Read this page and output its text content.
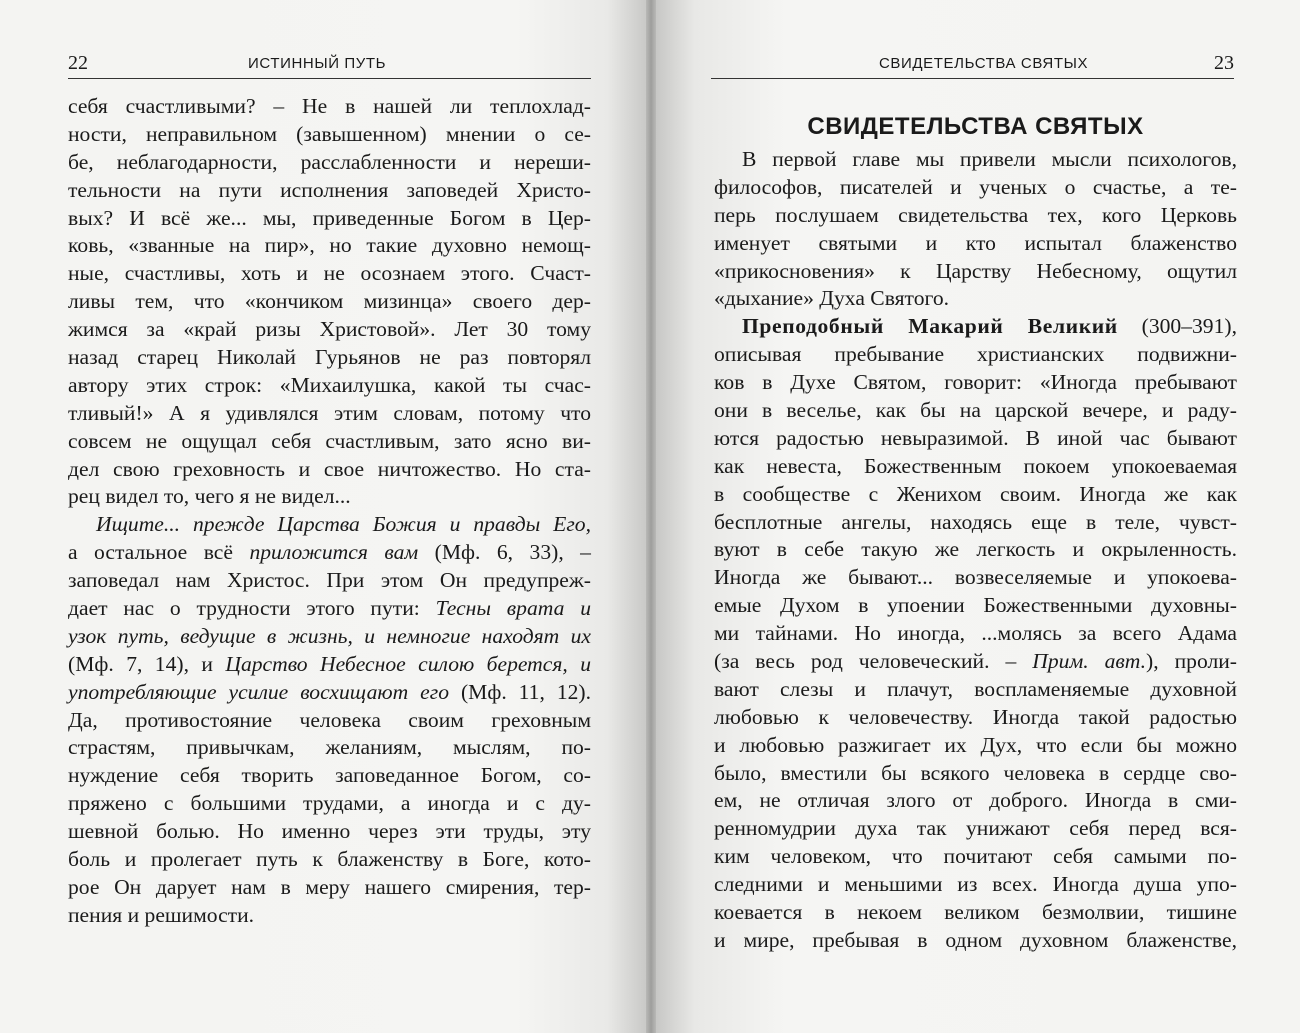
22	ИСТИННЫЙ ПУТЬ
себя счастливыми? – Не в нашей ли теплохлад-
ности, неправильном (завышенном) мнении о се-
бе, неблагодарности, расслабленности и нереши-
тельности на пути исполнения заповедей Христо-
вых? И всё же... мы, приведенные Богом в Цер-
ковь, «званные на пир», но такие духовно немощ-
ные, счастливы, хоть и не осознаем этого. Счаст-
ливы тем, что «кончиком мизинца» своего дер-
жимся за «край ризы Христовой». Лет 30 тому
назад старец Николай Гурьянов не раз повторял
автору этих строк: «Михаилушка, какой ты счас-
тливый!» А я удивлялся этим словам, потому что
совсем не ощущал себя счастливым, зато ясно ви-
дел свою греховность и свое ничтожество. Но ста-
рец видел то, чего я не видел...
Ищите... прежде Царства Божия и правды Его,
а остальное всё приложится вам (Мф. 6, 33), –
заповедал нам Христос. При этом Он предупреж-
дает нас о трудности этого пути: Тесны врата и
узок путь, ведущие в жизнь, и немногие находят их
(Мф. 7, 14), и Царство Небесное силою берется, и
употребляющие усилие восхищают его (Мф. 11, 12).
Да, противостояние человека своим греховным
страстям, привычкам, желаниям, мыслям, по-
нуждение себя творить заповеданное Богом, со-
пряжено с большими трудами, а иногда и с ду-
шевной болью. Но именно через эти труды, эту
боль и пролегает путь к блаженству в Боге, кото-
рое Он дарует нам в меру нашего смирения, тер-
пения и решимости.
СВИДЕТЕЛЬСТВА СВЯТЫХ	23
СВИДЕТЕЛЬСТВА СВЯТЫХ
В первой главе мы привели мысли психологов,
философов, писателей и ученых о счастье, а те-
перь послушаем свидетельства тех, кого Церковь
именует святыми и кто испытал блаженство
«прикосновения» к Царству Небесному, ощутил
«дыхание» Духа Святого.
Преподобный Макарий Великий (300–391),
описывая пребывание христианских подвижни-
ков в Духе Святом, говорит: «Иногда пребывают
они в веселье, как бы на царской вечере, и раду-
ются радостью невыразимой. В иной час бывают
как невеста, Божественным покоем упокоеваемая
в сообществе с Женихом своим. Иногда же как
бесплотные ангелы, находясь еще в теле, чувст-
вуют в себе такую же легкость и окрыленность.
Иногда же бывают... возвеселяемые и упокоева-
емые Духом в упоении Божественными духовны-
ми тайнами. Но иногда, ...молясь за всего Адама
(за весь род человеческий. – Прим. авт.), проли-
вают слезы и плачут, воспламеняемые духовной
любовью к человечеству. Иногда такой радостью
и любовью разжигает их Дух, что если бы можно
было, вместили бы всякого человека в сердце сво-
ем, не отличая злого от доброго. Иногда в сми-
ренномудрии духа так унижают себя перед вся-
ким человеком, что почитают себя самыми по-
следними и меньшими из всех. Иногда душа упо-
коевается в некоем великом безмолвии, тишине
и мире, пребывая в одном духовном блаженстве,
